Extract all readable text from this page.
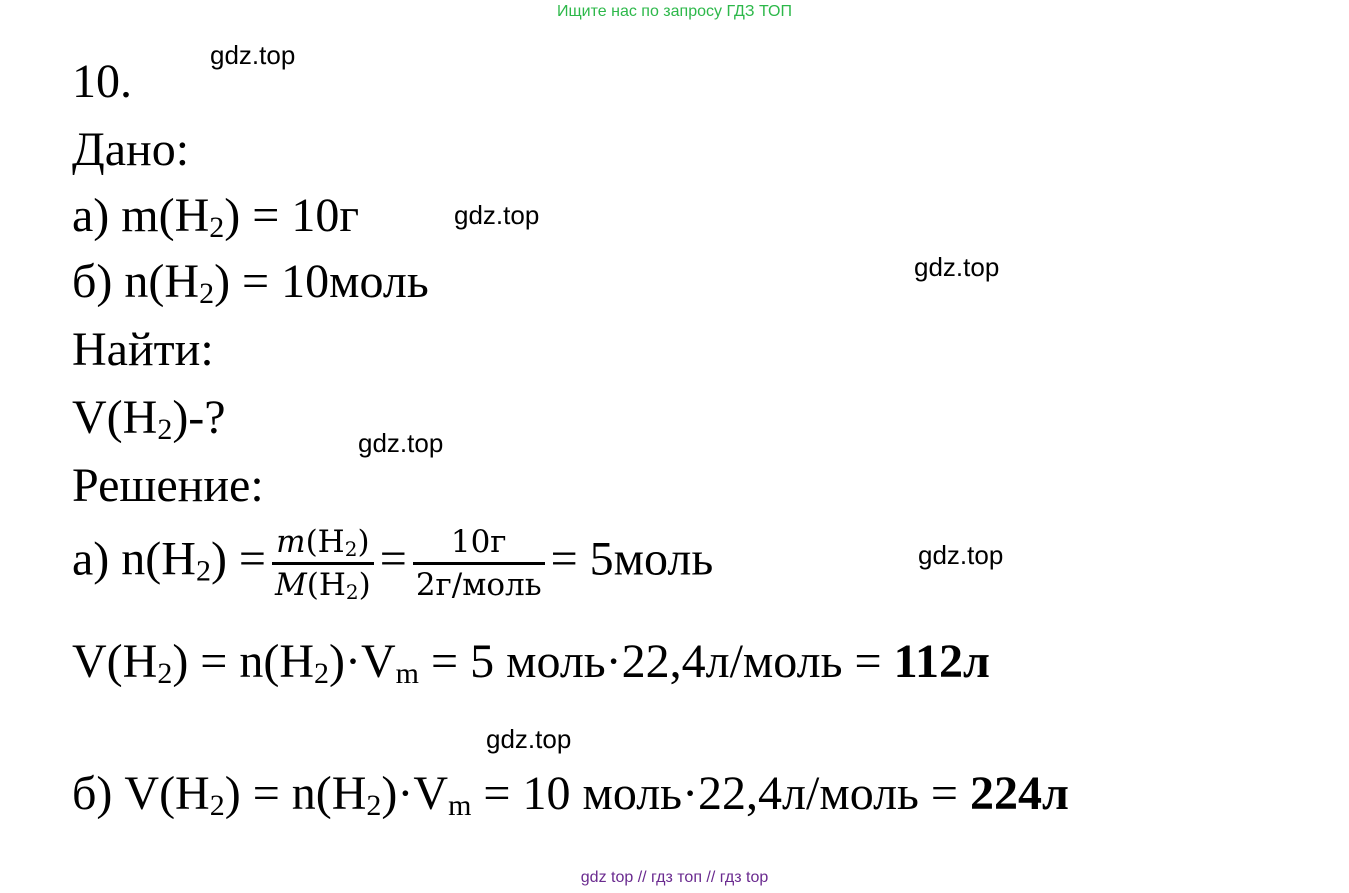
Ищите нас по запросу ГДЗ ТОП
gdz.top
gdz.top
gdz.top
gdz.top
gdz.top
gdz.top
10.
Дано:
а) $m(H_2) = 10г$
б) $n(H_2)$ = 10моль
Найти:
$V(H_2)-$?
Решение:
а) $n(H_2) = \frac{m(H_2)}{M(H_2)} = \frac{10г}{\text{2г/моль}}$ = 5моль
$V(H_2) = n(H_2)\cdot V_m = 5$ моль·22,4л/моль = 112л
б) $V(H_2) = n(H_2)\cdot V_m = 10$ моль·22,4л/моль = 224л
gdz top // гдз топ // гдз top
